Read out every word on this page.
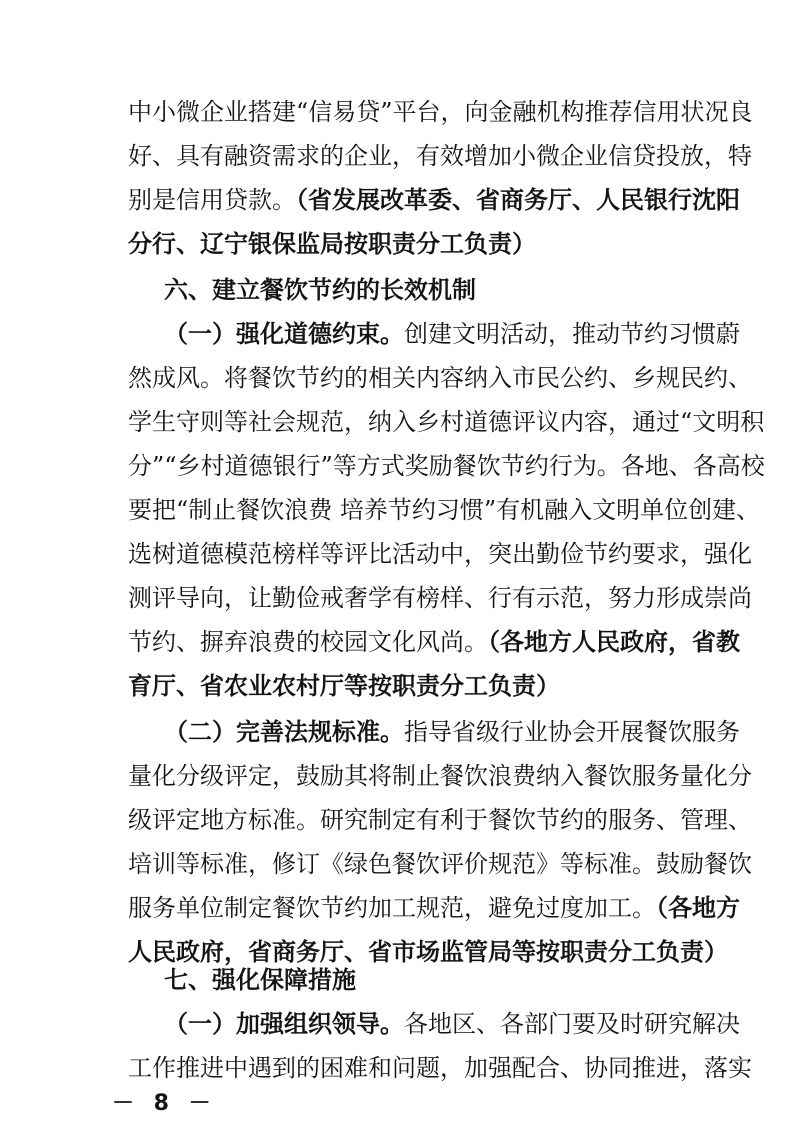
中小微企业搭建“信易贷”平台，向金融机构推荐信用状况良
好、具有融资需求的企业，有效增加小微企业信贷投放，特
别是信用贷款。（省发展改革委、省商务厅、人民银行沈阳
分行、辽宁银保监局按职责分工负责）
六、建立餐饮节约的长效机制
（一）强化道德约束。创建文明活动，推动节约习惯蔚
然成风。将餐饮节约的相关内容纳入市民公约、乡规民约、
学生守则等社会规范，纳入乡村道德评议内容，通过“文明积
分”“乡村道德银行”等方式奖励餐饮节约行为。各地、各高校
要把“制止餐饮浪费 培养节约习惯”有机融入文明单位创建、
选树道德模范榜样等评比活动中，突出勤俭节约要求，强化
测评导向，让勤俭戒奢学有榜样、行有示范，努力形成崇尚
节约、摒弃浪费的校园文化风尚。（各地方人民政府，省教
育厅、省农业农村厅等按职责分工负责）
（二）完善法规标准。指导省级行业协会开展餐饮服务
量化分级评定，鼓励其将制止餐饮浪费纳入餐饮服务量化分
级评定地方标准。研究制定有利于餐饮节约的服务、管理、
培训等标准，修订《绿色餐饮评价规范》等标准。鼓励餐饮
服务单位制定餐饮节约加工规范，避免过度加工。（各地方
人民政府，省商务厅、省市场监管局等按职责分工负责）
－ 8 －
七、强化保障措施
（一）加强组织领导。各地区、各部门要及时研究解决
工作推进中遇到的困难和问题，加强配合、协同推进，落实
